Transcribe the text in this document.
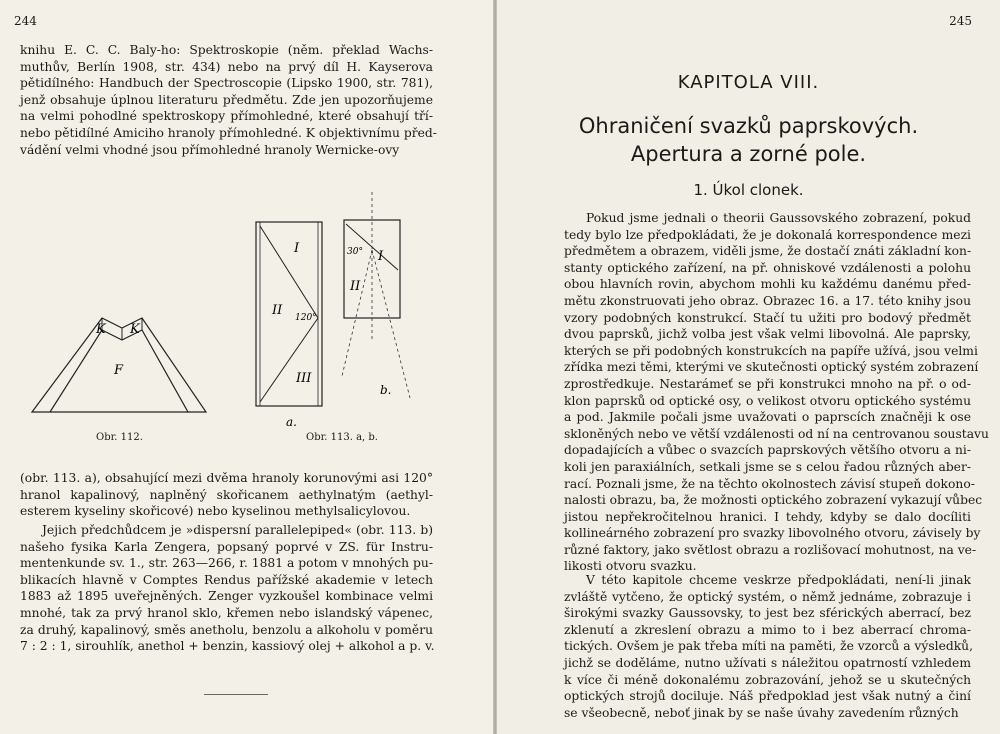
244
knihu E. C. C. Baly-ho: Spektroskopie (něm. překlad Wachs-
muthův, Berlín 1908, str. 434) nebo na prvý díl H. Kayserova
pětidílného: Handbuch der Spectroscopie (Lipsko 1900, str. 781),
jenž obsahuje úplnou literaturu předmětu. Zde jen upozorňujeme
na velmi pohodlné spektroskopy přímohledné, které obsahují tří-
nebo pětidílné Amiciho hranoly přímohledné. K objektivnímu před-
vádění velmi vhodné jsou přímohledné hranoly Wernicke-ovy
K K
F
Obr. 112.
I
II 120°
III
a.
30° I
II
b.
Obr. 113. a, b.
(obr. 113. a), obsahující mezi dvěma hranoly korunovými asi 120°
hranol kapalinový, naplněný skořicanem aethylnatým (aethyl-
esterem kyseliny skořicové) nebo kyselinou methylsalicylovou.
Jejich předchůdcem je »dispersní parallelepiped« (obr. 113. b)
našeho fysika Karla Zengera, popsaný poprvé v ZS. für Instru-
mentenkunde sv. 1., str. 263—266, r. 1881 a potom v mnohých pu-
blikacích hlavně v Comptes Rendus pařížské akademie v letech
1883 až 1895 uveřejněných. Zenger vyzkoušel kombinace velmi
mnohé, tak za prvý hranol sklo, křemen nebo islandský vápenec,
za druhý, kapalinový, směs anetholu, benzolu a alkoholu v poměru
7 : 2 : 1, sirouhlík, anethol + benzin, kassiový olej + alkohol a p. v.
245
KAPITOLA VIII.
Ohraničení svazků paprskových.
Apertura a zorné pole.
1. Úkol clonek.
Pokud jsme jednali o theorii Gaussovského zobrazení, pokud
tedy bylo lze předpokládati, že je dokonalá korrespondence mezi
předmětem a obrazem, viděli jsme, že dostačí znáti základní kon-
stanty optického zařízení, na př. ohniskové vzdálenosti a polohu
obou hlavních rovin, abychom mohli ku každému danému před-
mětu zkonstruovati jeho obraz. Obrazec 16. a 17. této knihy jsou
vzory podobných konstrukcí. Stačí tu užiti pro bodový předmět
dvou paprsků, jichž volba jest však velmi libovolná. Ale paprsky,
kterých se při podobných konstrukcích na papíře užívá, jsou velmi
zřídka mezi těmi, kterými ve skutečnosti optický systém zobrazení
zprostředkuje. Nestarámeť se při konstrukci mnoho na př. o od-
klon paprsků od optické osy, o velikost otvoru optického systému
a pod. Jakmile počali jsme uvažovati o paprscích značněji k ose
skloněných nebo ve větší vzdálenosti od ní na centrovanou soustavu
dopadajících a vůbec o svazcích paprskových většího otvoru a ni-
koli jen paraxiálních, setkali jsme se s celou řadou různých aber-
rací. Poznali jsme, že na těchto okolnostech závisí stupeň dokono-
nalosti obrazu, ba, že možnosti optického zobrazení vykazují vůbec
jistou nepřekročitelnou hranici. I tehdy, kdyby se dalo docíliti
kollineárného zobrazení pro svazky libovolného otvoru, závisely by
různé faktory, jako světlost obrazu a rozlišovací mohutnost, na ve-
likosti otvoru svazku.
V této kapitole chceme veskrze předpokládati, není-li jinak
zvláště vytčeno, že optický systém, o němž jednáme, zobrazuje i
širokými svazky Gaussovsky, to jest bez sférických aberrací, bez
zklenutí a zkreslení obrazu a mimo to i bez aberrací chroma-
tických. Ovšem je pak třeba míti na paměti, že vzorců a výsledků,
jichž se doděláme, nutno užívati s náležitou opatrností vzhledem
k více či méně dokonalému zobrazování, jehož se u skutečných
optických strojů dociluje. Náš předpoklad jest však nutný a činí
se všeobecně, neboť jinak by se naše úvahy zavedením různých
